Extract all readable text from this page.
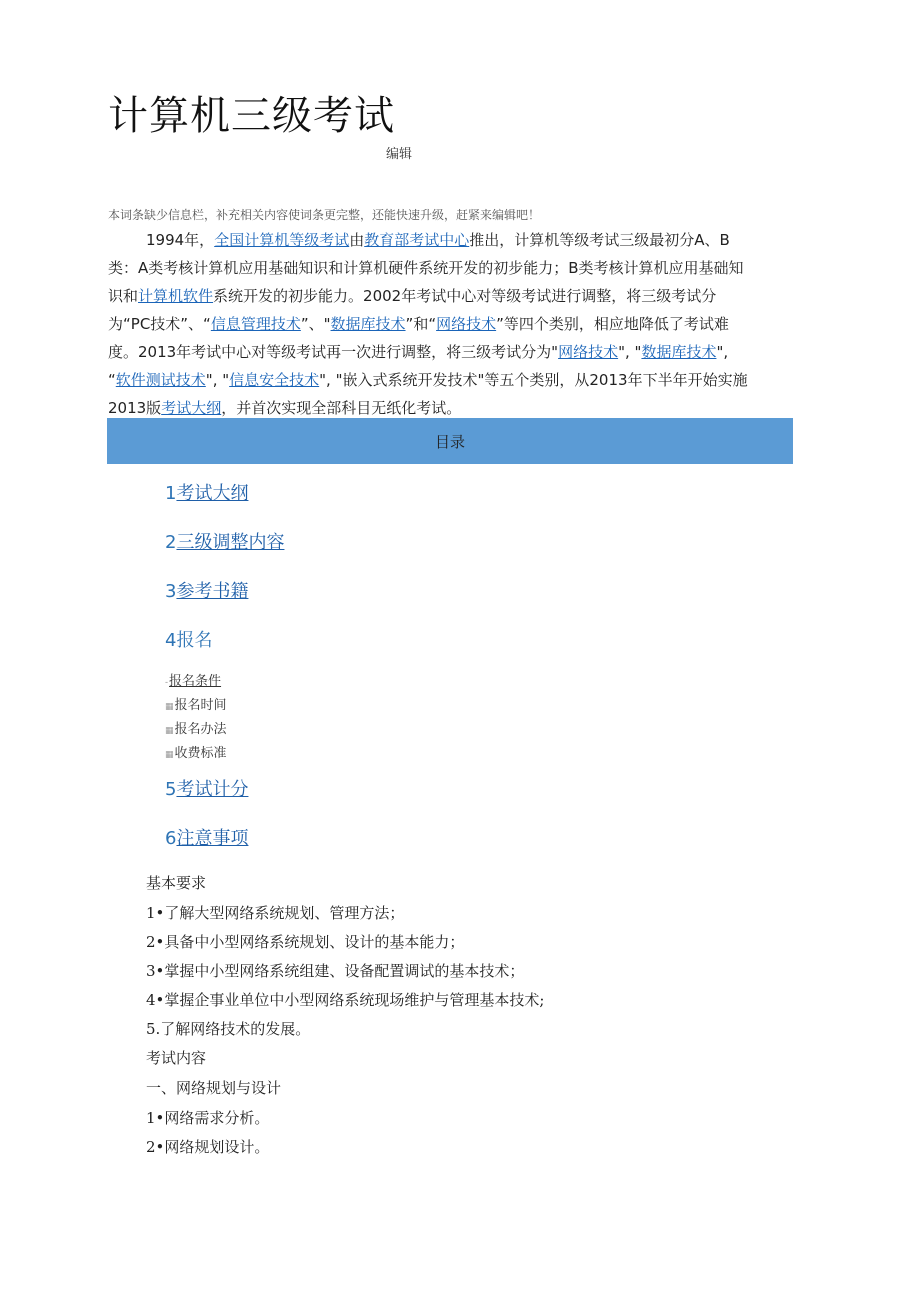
计算机三级考试
编辑
本词条缺少信息栏，补充相关内容使词条更完整，还能快速升级，赶紧来编辑吧！

1994年，全国计算机等级考试由教育部考试中心推出，计算机等级考试三级最初分A、B类：A类考核计算机应用基础知识和计算机硬件系统开发的初步能力；B类考核计算机应用基础知识和计算机软件系统开发的初步能力。2002年考试中心对等级考试进行调整，将三级考试分为“PC技术”、“信息管理技术”、"数据库技术”和“网络技术”等四个类别，相应地降低了考试难度。2013年考试中心对等级考试再一次进行调整，将三级考试分为"网络技术", "数据库技术", “软件测试技术", "信息安全技术", "嵌入式系统开发技术"等五个类别，从2013年下半年开始实施2013版考试大纲，并首次实现全部科目无纸化考试。

目录
1考试大纲
2三级调整内容
3参考书籍
4报名
-报名条件
▦报名时间
▦报名办法
▦收费标准
5考试计分
6注意事项
基本要求
1•了解大型网络系统规划、管理方法；
2•具备中小型网络系统规划、设计的基本能力；
3•掌握中小型网络系统组建、设备配置调试的基本技术；
4•掌握企事业单位中小型网络系统现场维护与管理基本技术;
5.了解网络技术的发展。
考试内容
一、网络规划与设计
1•网络需求分析。
2•网络规划设计。
